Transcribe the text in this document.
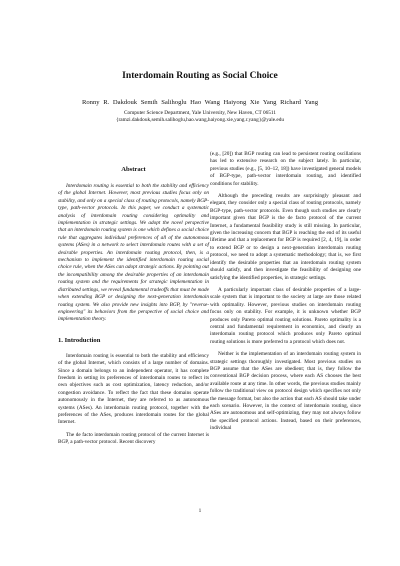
Interdomain Routing as Social Choice
Ronny R. Dakdouk Semih Salihoglu Hao Wang Haiyong Xie Yang Richard Yang
Computer Science Department, Yale University, New Haven, CT 06511
{ramzi.dakdouk,semih.salihoglu,hao.wang,haiyong.xie,yang.r.yang}@yale.edu
Abstract

Interdomain routing is essential to both the stability and efficiency of the global Internet. However, most previous studies focus only on stability, and only on a special class of routing protocols, namely BGP-type, path-vector protocols. In this paper, we conduct a systematic analysis of interdomain routing considering optimality and implementation in strategic settings. We adopt the novel perspective that an interdomain routing system is one which defines a social choice rule that aggregates individual preferences of all of the autonomous systems (ASes) in a network to select interdomain routes with a set of desirable properties. An interdomain routing protocol, then, is a mechanism to implement the identified interdomain routing social choice rule, when the ASes can adopt strategic actions. By pointing out the incompatibility among the desirable properties of an interdomain routing system and the requirements for strategic implementation in distributed settings, we reveal fundamental tradeoffs that must be made when extending BGP or designing the next-generation interdomain routing system. We also provide new insights into BGP, by "reverse-engineering" its behaviors from the perspective of social choice and implementation theory.

1. Introduction

Interdomain routing is essential to both the stability and efficiency of the global Internet, which consists of a large number of domains. Since a domain belongs to an independent operator, it has complete freedom in setting its preferences of interdomain routes to reflect its own objectives such as cost optimization, latency reduction, and/or congestion avoidance. To reflect the fact that these domains operate autonomously in the Internet, they are referred to as autonomous systems (ASes). An interdomain routing protocol, together with the preferences of the ASes, produces interdomain routes for the global Internet.

The de facto interdomain routing protocol of the current Internet is BGP, a path-vector protocol. Recent discovery

(e.g., [20]) that BGP routing can lead to persistent routing oscillations has led to extensive research on the subject lately. In particular, previous studies (e.g., [5, 10–12, 18]) have investigated general models of BGP-type, path-vector interdomain routing, and identified conditions for stability.

Although the preceding results are surprisingly pleasant and elegant, they consider only a special class of routing protocols, namely BGP-type, path-vector protocols. Even though such studies are clearly important given that BGP is the de facto protocol of the current Internet, a fundamental feasibility study is still missing. In particular, given the increasing concern that BGP is reaching the end of its useful lifetime and that a replacement for BGP is required [2, 4, 19], in order to extend BGP or to design a next-generation interdomain routing protocol, we need to adopt a systematic methodology; that is, we first identify the desirable properties that an interdomain routing system should satisfy, and then investigate the feasibility of designing one satisfying the identified properties, in strategic settings.

A particularly important class of desirable properties of a large-scale system that is important to the society at large are those related with optimality. However, previous studies on interdomain routing focus only on stability. For example, it is unknown whether BGP produces only Pareto optimal routing solutions. Pareto optimality is a central and fundamental requirement in economics, and clearly an interdomain routing protocol which produces only Pareto optimal routing solutions is more preferred to a protocol which does not.

Neither is the implementation of an interdomain routing system in strategic settings thoroughly investigated. Most previous studies on BGP assume that the ASes are obedient; that is, they follow the conventional BGP decision process, where each AS chooses the best available route at any time. In other words, the previous studies mainly follow the traditional view on protocol design which specifies not only the message format, but also the action that each AS should take under each scenario. However, in the context of interdomain routing, since ASes are autonomous and self-optimizing, they may not always follow the specified protocol actions. Instead, based on their preferences, individual

1
